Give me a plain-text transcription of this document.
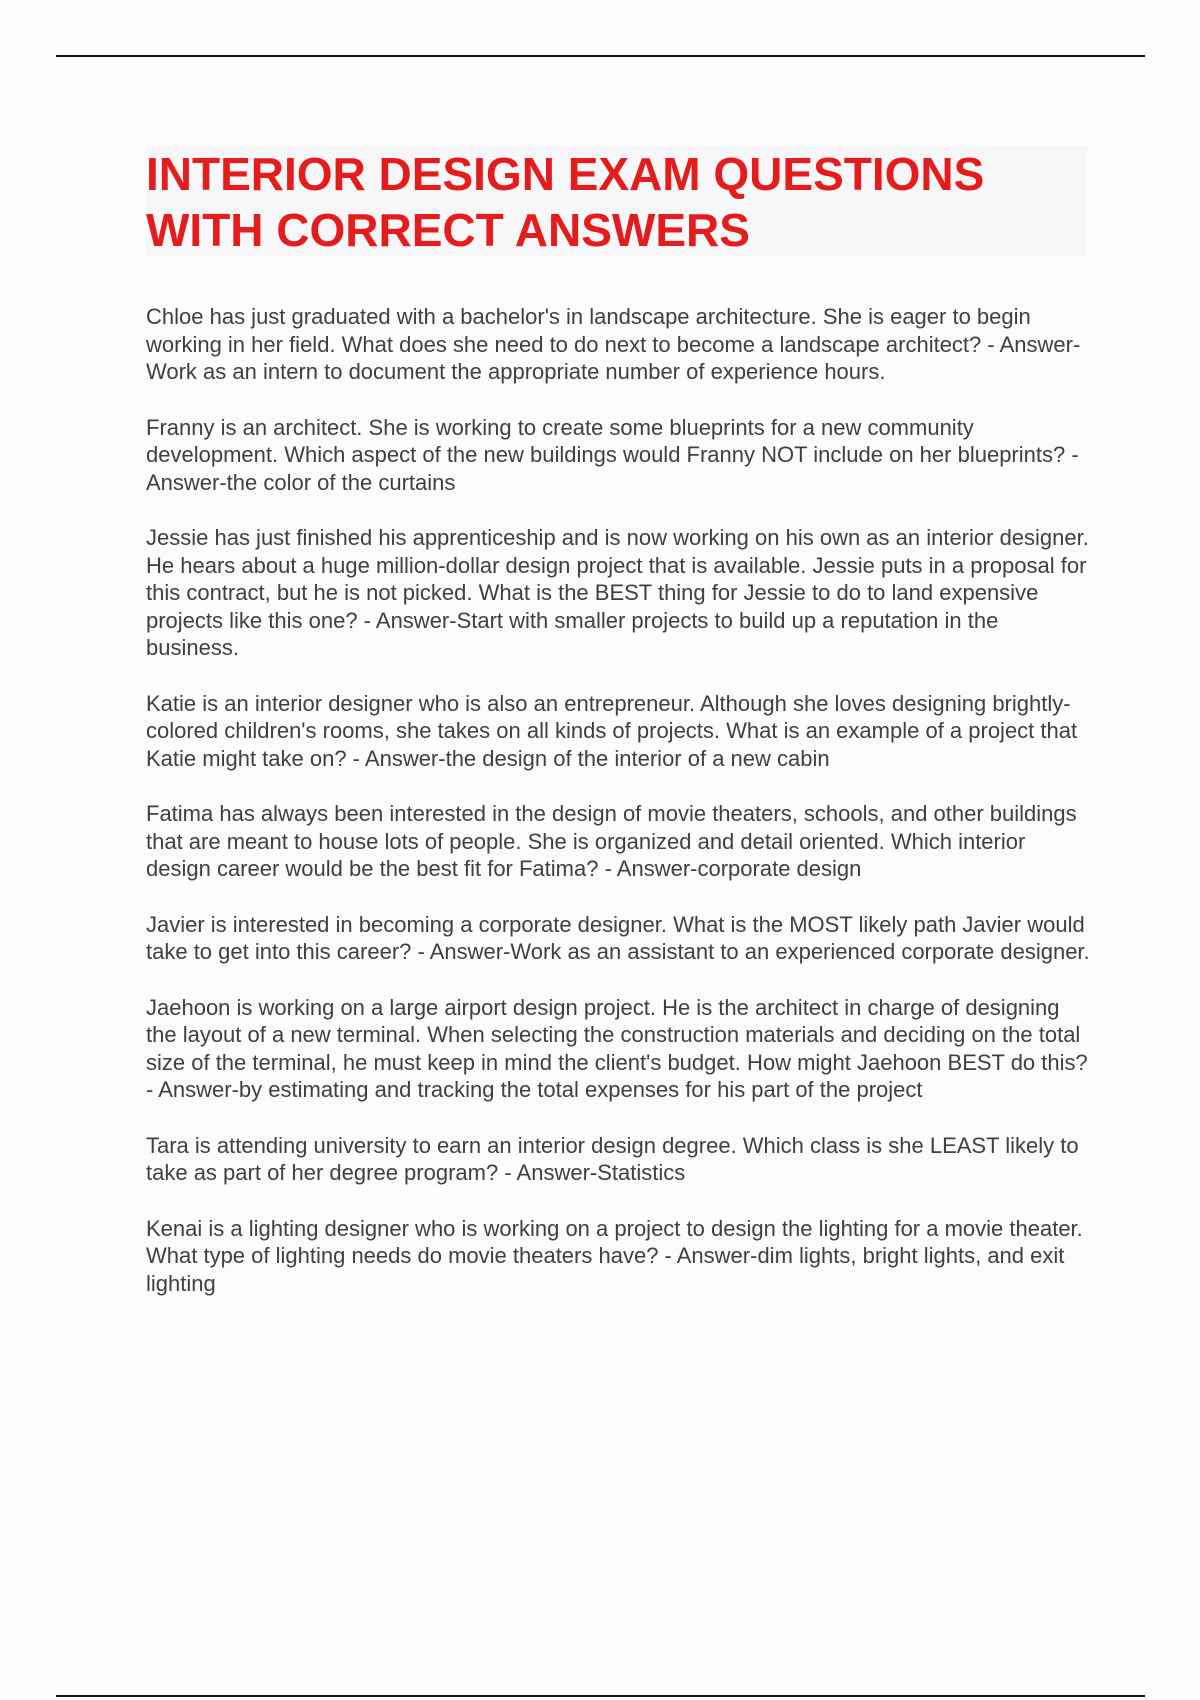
INTERIOR DESIGN EXAM QUESTIONS WITH CORRECT ANSWERS

Chloe has just graduated with a bachelor's in landscape architecture. She is eager to begin working in her field. What does she need to do next to become a landscape architect? - Answer-Work as an intern to document the appropriate number of experience hours.

Franny is an architect. She is working to create some blueprints for a new community development. Which aspect of the new buildings would Franny NOT include on her blueprints? - Answer-the color of the curtains

Jessie has just finished his apprenticeship and is now working on his own as an interior designer. He hears about a huge million-dollar design project that is available. Jessie puts in a proposal for this contract, but he is not picked. What is the BEST thing for Jessie to do to land expensive projects like this one? - Answer-Start with smaller projects to build up a reputation in the business.

Katie is an interior designer who is also an entrepreneur. Although she loves designing brightly-colored children's rooms, she takes on all kinds of projects. What is an example of a project that Katie might take on? - Answer-the design of the interior of a new cabin

Fatima has always been interested in the design of movie theaters, schools, and other buildings that are meant to house lots of people. She is organized and detail oriented. Which interior design career would be the best fit for Fatima? - Answer-corporate design

Javier is interested in becoming a corporate designer. What is the MOST likely path Javier would take to get into this career? - Answer-Work as an assistant to an experienced corporate designer.

Jaehoon is working on a large airport design project. He is the architect in charge of designing the layout of a new terminal. When selecting the construction materials and deciding on the total size of the terminal, he must keep in mind the client's budget. How might Jaehoon BEST do this? - Answer-by estimating and tracking the total expenses for his part of the project

Tara is attending university to earn an interior design degree. Which class is she LEAST likely to take as part of her degree program? - Answer-Statistics

Kenai is a lighting designer who is working on a project to design the lighting for a movie theater. What type of lighting needs do movie theaters have? - Answer-dim lights, bright lights, and exit lighting
